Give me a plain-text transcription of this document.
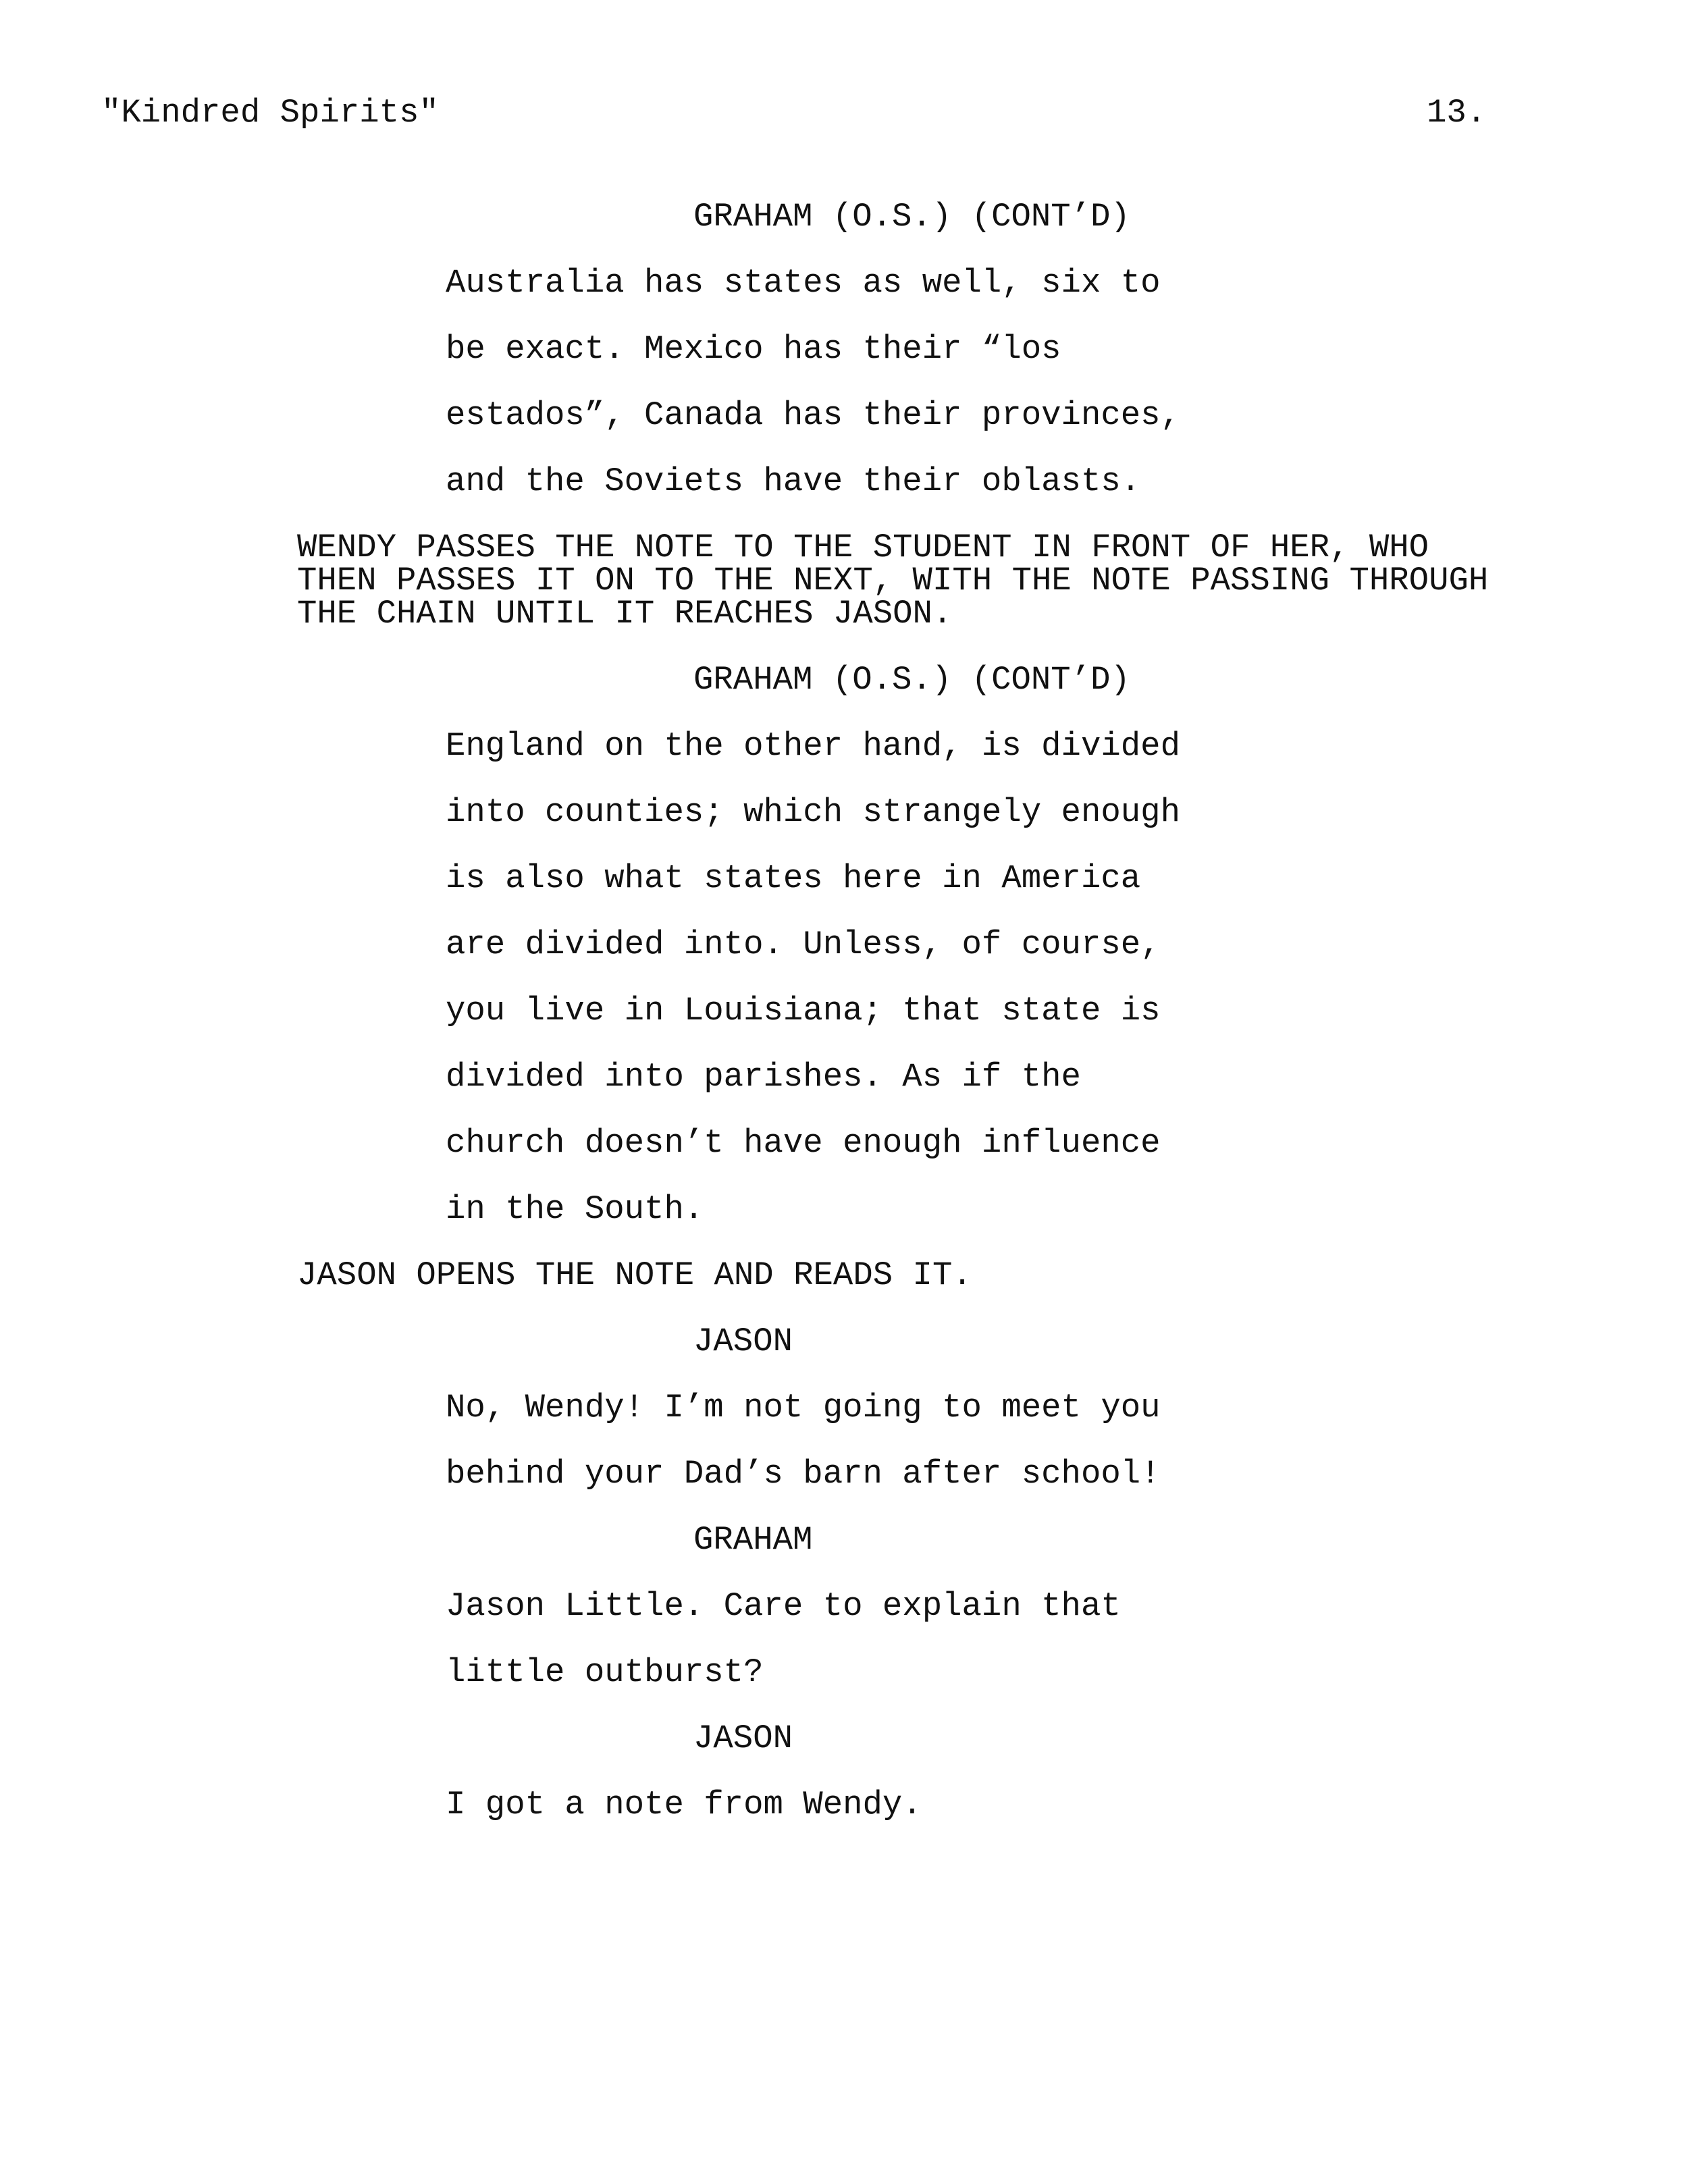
"Kindred Spirits"	13.
GRAHAM (O.S.) (CONT’D)
Australia has states as well, six to
be exact. Mexico has their “los
estados”, Canada has their provinces,
and the Soviets have their oblasts.
WENDY PASSES THE NOTE TO THE STUDENT IN FRONT OF HER, WHO
THEN PASSES IT ON TO THE NEXT, WITH THE NOTE PASSING THROUGH
THE CHAIN UNTIL IT REACHES JASON.
GRAHAM (O.S.) (CONT’D)
England on the other hand, is divided
into counties; which strangely enough
is also what states here in America
are divided into. Unless, of course,
you live in Louisiana; that state is
divided into parishes. As if the
church doesn’t have enough influence
in the South.
JASON OPENS THE NOTE AND READS IT.
JASON
No, Wendy! I’m not going to meet you
behind your Dad’s barn after school!
GRAHAM
Jason Little. Care to explain that
little outburst?
JASON
I got a note from Wendy.
